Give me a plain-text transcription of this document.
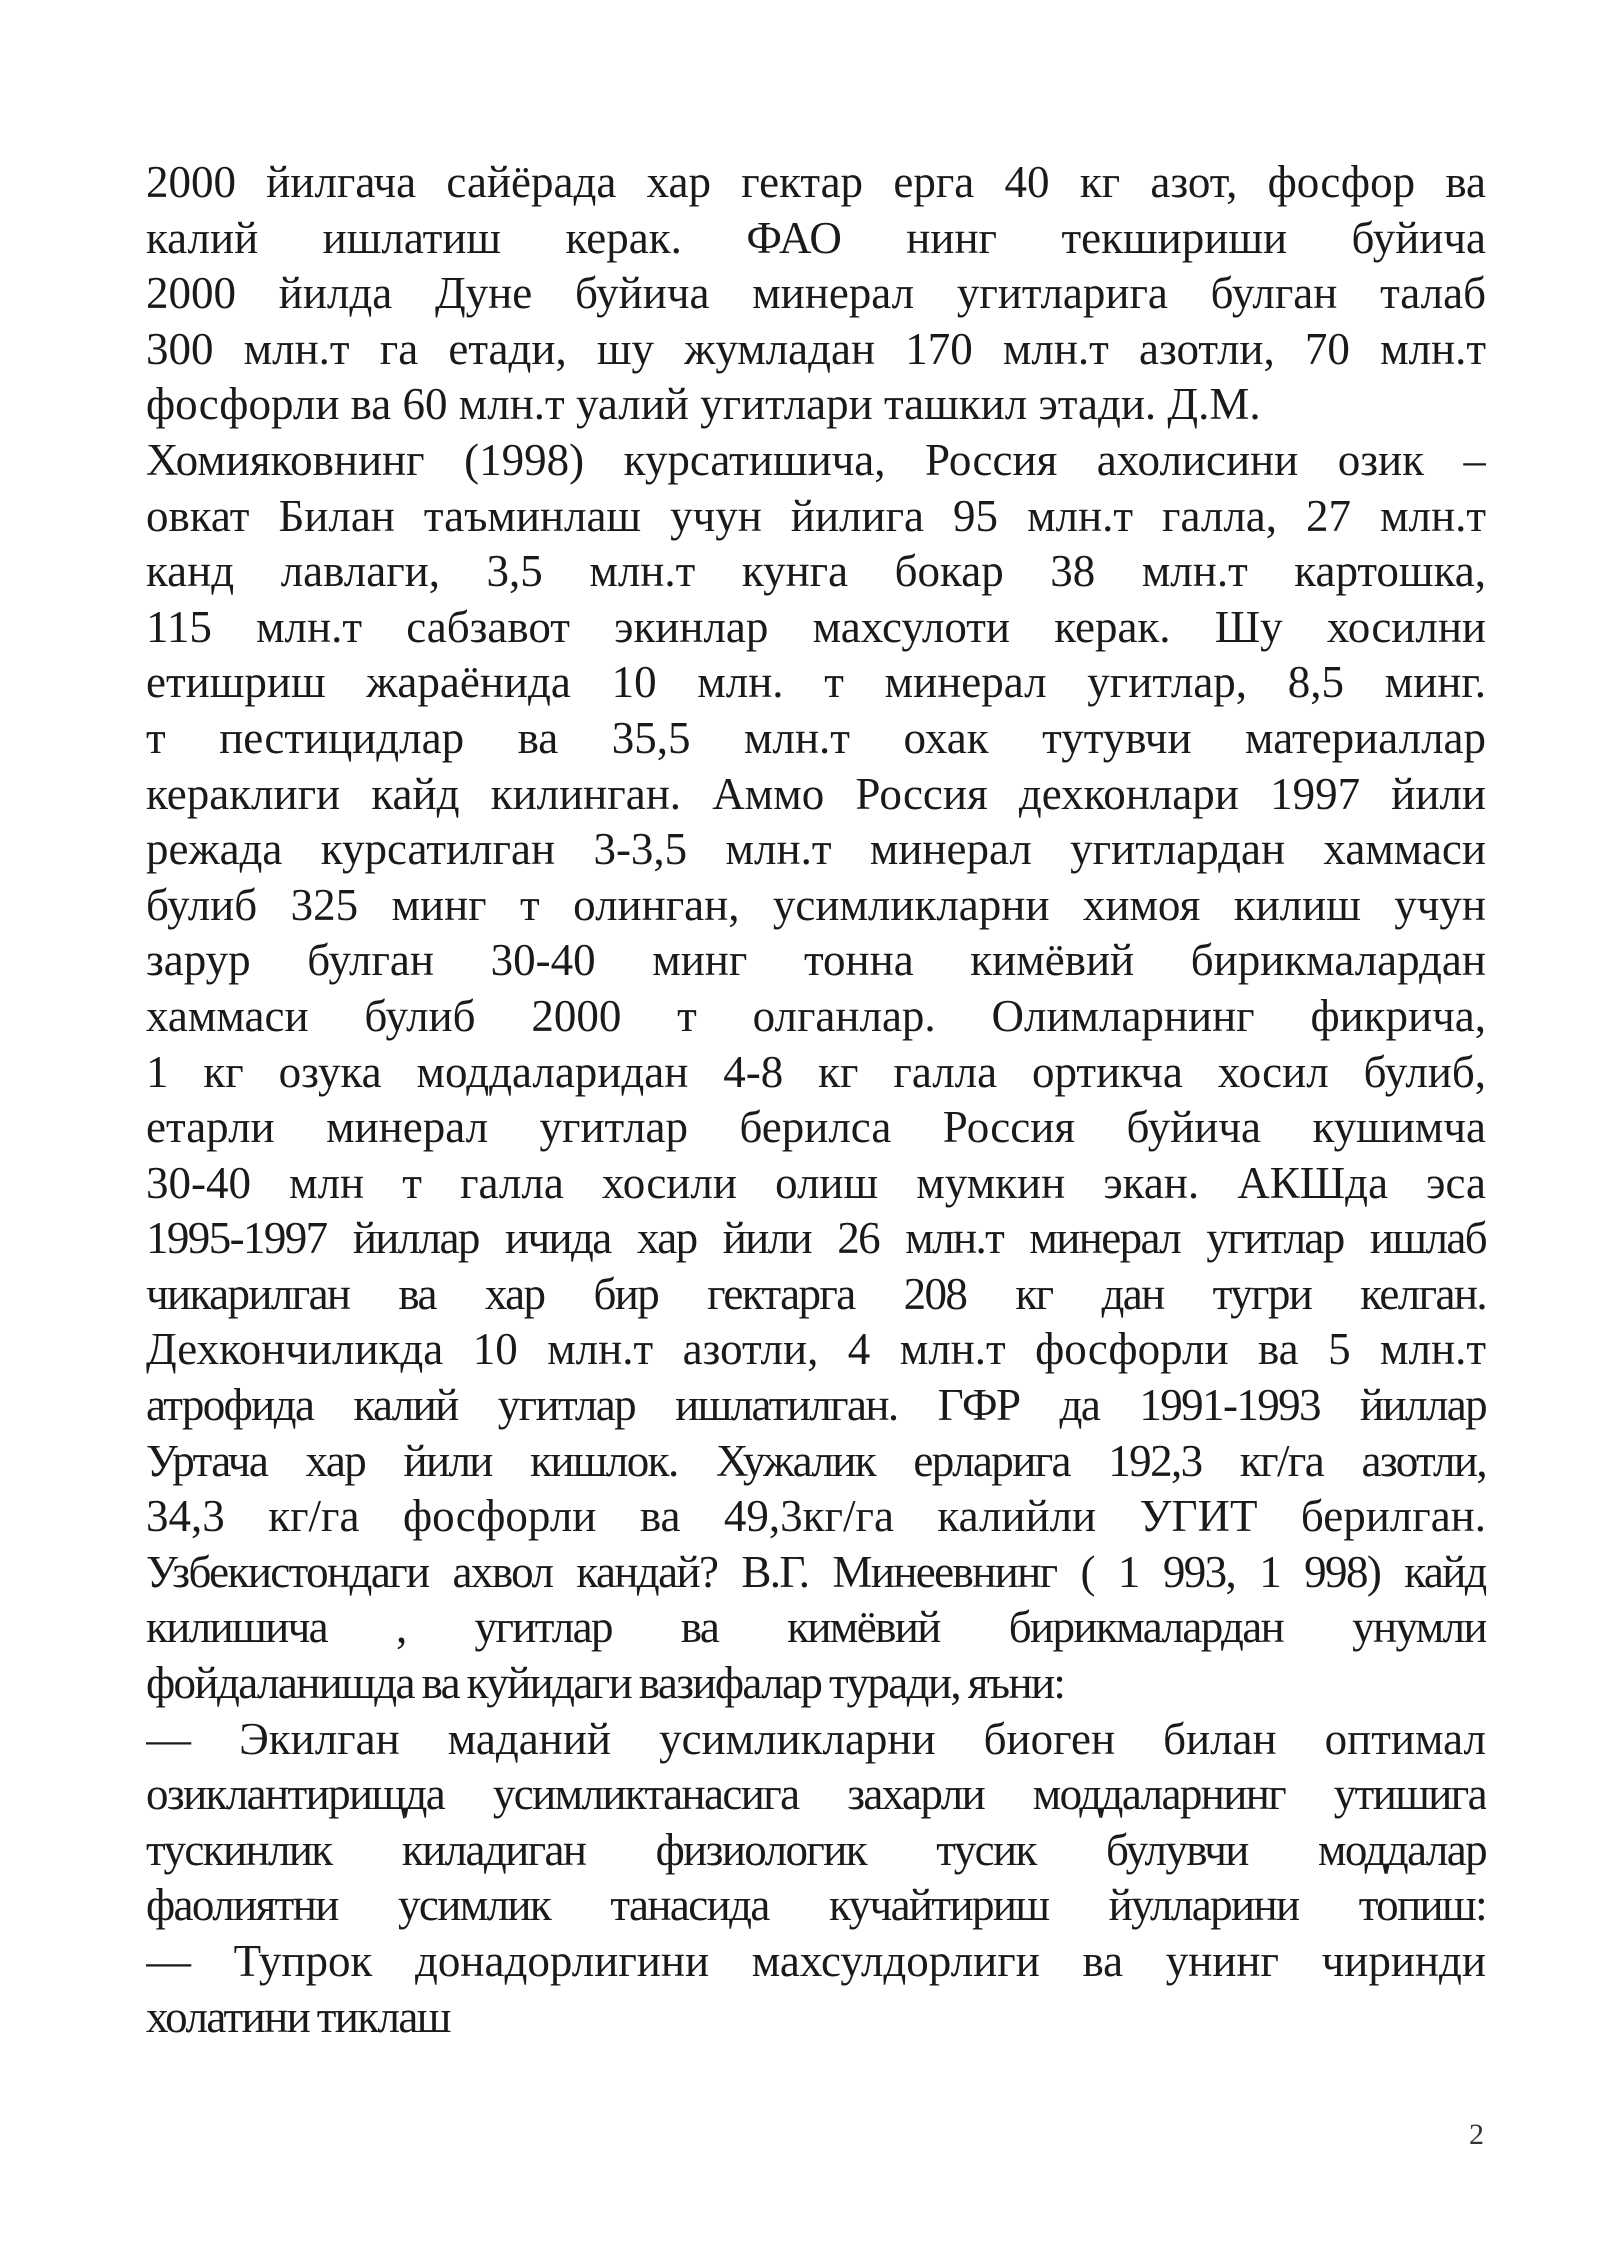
2000 йилгача сайёрада хар гектар ерга 40 кг азот, фосфор ва
калий ишлатиш керак. ФАО нинг текшириши буйича
2000 йилда Дуне буйича минерал угитларига булган талаб
300 млн.т га етади, шу жумладан 170 млн.т азотли, 70 млн.т
фосфорли ва 60 млн.т уалий угитлари ташкил этади. Д.М.
Хомияковнинг (1998) курсатишича, Россия ахолисини озик –
овкат Билан таъминлаш учун йилига 95 млн.т галла, 27 млн.т
канд лавлаги, 3,5 млн.т кунга бокар 38 млн.т картошка,
115 млн.т сабзавот экинлар махсулоти керак. Шу хосилни
етишриш жараёнида 10 млн. т минерал угитлар, 8,5 минг.
т пестицидлар ва 35,5 млн.т охак тутувчи материаллар
кераклиги кайд килинган. Аммо Россия дехконлари 1997 йили
режада курсатилган 3-3,5 млн.т минерал угитлардан хаммаси
булиб 325 минг т олинган, усимликларни химоя килиш учун
зарур булган 30-40 минг тонна кимёвий бирикмалардан
хаммаси булиб 2000 т олганлар. Олимларнинг фикрича,
1 кг озука моддаларидан 4-8 кг галла ортикча хосил булиб,
етарли минерал угитлар берилса Россия буйича кушимча
30-40 млн т галла хосили олиш мумкин экан. АКШда эса
1995-1997 йиллар ичида хар йили 26 млн.т минерал угитлар ишлаб
чикарилган ва хар бир гектарга 208 кг дан тугри келган.
Дехкончиликда 10 млн.т азотли, 4 млн.т фосфорли ва 5 млн.т
атрофида калий угитлар ишлатилган. ГФР да 1991-1993 йиллар
Уртача хар йили кишлок. Хужалик ерларига 192,3 кг/га азотли,
34,3 кг/га фосфорли ва 49,3кг/га калийли УГИТ берилган.
Узбекистондаги ахвол кандай? В.Г. Минеевнинг ( 1 993, 1 998) кайд
килишича , угитлар ва кимёвий бирикмалардан унумли
фойдаланишда ва куйидаги вазифалар туради, яъни:
— Экилган маданий усимликларни биоген билан оптимал
озиклантирищда усимликтанасига захарли моддаларнинг утишига
тускинлик киладиган физиологик тусик булувчи моддалар
фаолиятни усимлик танасида кучайтириш йулларини топиш:
— Тупрок донадорлигини махсулдорлиги ва унинг чиринди
холатини тиклаш
2
